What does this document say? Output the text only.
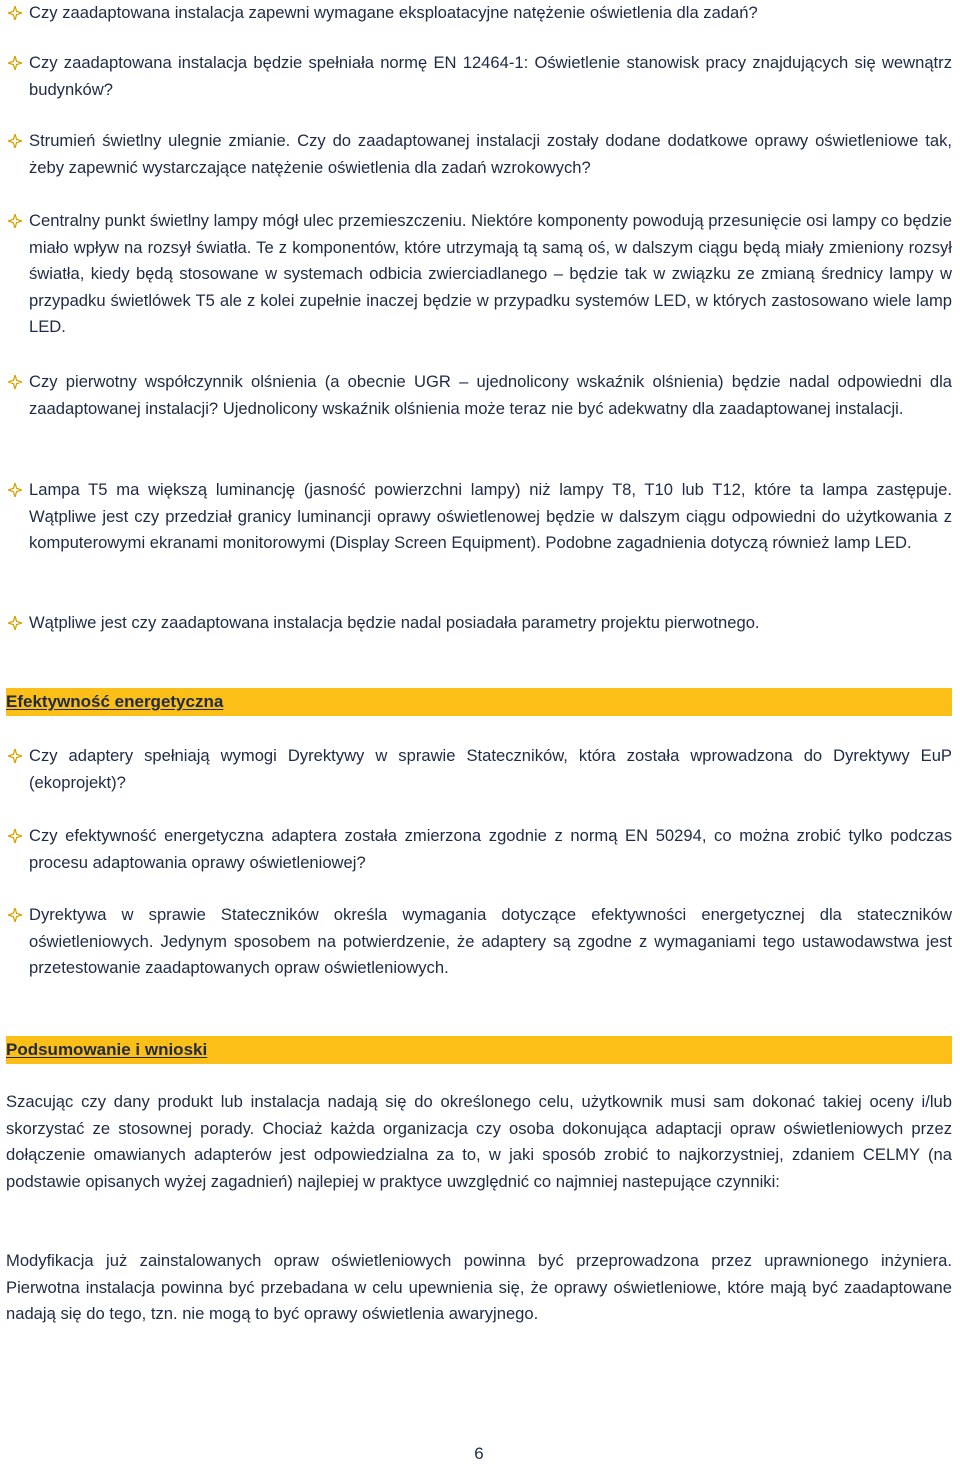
Czy zaadaptowana instalacja zapewni wymagane eksploatacyjne natężenie oświetlenia dla zadań?
Czy zaadaptowana instalacja będzie spełniała normę EN 12464-1: Oświetlenie stanowisk pracy znajdujących się wewnątrz budynków?
Strumień świetlny ulegnie zmianie. Czy do zaadaptowanej instalacji zostały dodane dodatkowe oprawy oświetleniowe tak, żeby zapewnić wystarczające natężenie oświetlenia dla zadań wzrokowych?
Centralny punkt świetlny lampy mógł ulec przemieszczeniu. Niektóre komponenty powodują przesunięcie osi lampy co będzie miało wpływ na rozsył światła. Te z komponentów, które utrzymają tą samą oś, w dalszym ciągu będą miały zmieniony rozsył światła, kiedy będą stosowane w systemach odbicia zwierciadlanego – będzie tak w związku ze zmianą średnicy lampy w przypadku świetlówek T5 ale z kolei zupełnie inaczej będzie w przypadku systemów LED, w których zastosowano wiele lamp LED.
Czy pierwotny współczynnik olśnienia (a obecnie UGR – ujednolicony wskaźnik olśnienia) będzie nadal odpowiedni dla zaadaptowanej instalacji? Ujednolicony wskaźnik olśnienia może teraz nie być adekwatny dla zaadaptowanej instalacji.
Lampa T5 ma większą luminancję (jasność powierzchni lampy) niż lampy T8, T10 lub T12, które ta lampa zastępuje. Wątpliwe jest czy przedział granicy luminancji oprawy oświetlenowej będzie w dalszym ciągu odpowiedni do użytkowania z komputerowymi ekranami monitorowymi (Display Screen Equipment). Podobne zagadnienia dotyczą również lamp LED.
Wątpliwe jest czy zaadaptowana instalacja będzie nadal posiadała parametry projektu pierwotnego.
Efektywność energetyczna
Czy adaptery spełniają wymogi Dyrektywy w sprawie Stateczników, która została wprowadzona do Dyrektywy EuP (ekoprojekt)?
Czy efektywność energetyczna adaptera została zmierzona zgodnie z normą EN 50294, co można zrobić tylko podczas procesu adaptowania oprawy oświetleniowej?
Dyrektywa w sprawie Stateczników określa wymagania dotyczące efektywności energetycznej dla stateczników oświetleniowych. Jedynym sposobem na potwierdzenie, że adaptery są zgodne z wymaganiami tego ustawodawstwa jest przetestowanie zaadaptowanych opraw oświetleniowych.
Podsumowanie i wnioski
Szacując czy dany produkt lub instalacja nadają się do określonego celu, użytkownik musi sam dokonać takiej oceny i/lub skorzystać ze stosownej porady. Chociaż każda organizacja czy osoba dokonująca adaptacji opraw oświetleniowych przez dołączenie omawianych adapterów jest odpowiedzialna za to, w jaki sposób zrobić to najkorzystniej, zdaniem CELMY (na podstawie opisanych wyżej zagadnień) najlepiej w praktyce uwzględnić co najmniej nastepujące czynniki:
Modyfikacja już zainstalowanych opraw oświetleniowych powinna być przeprowadzona przez uprawnionego inżyniera. Pierwotna instalacja powinna być przebadana w celu upewnienia się, że oprawy oświetleniowe, które mają być zaadaptowane nadają się do tego, tzn. nie mogą to być oprawy oświetlenia awaryjnego.
6
